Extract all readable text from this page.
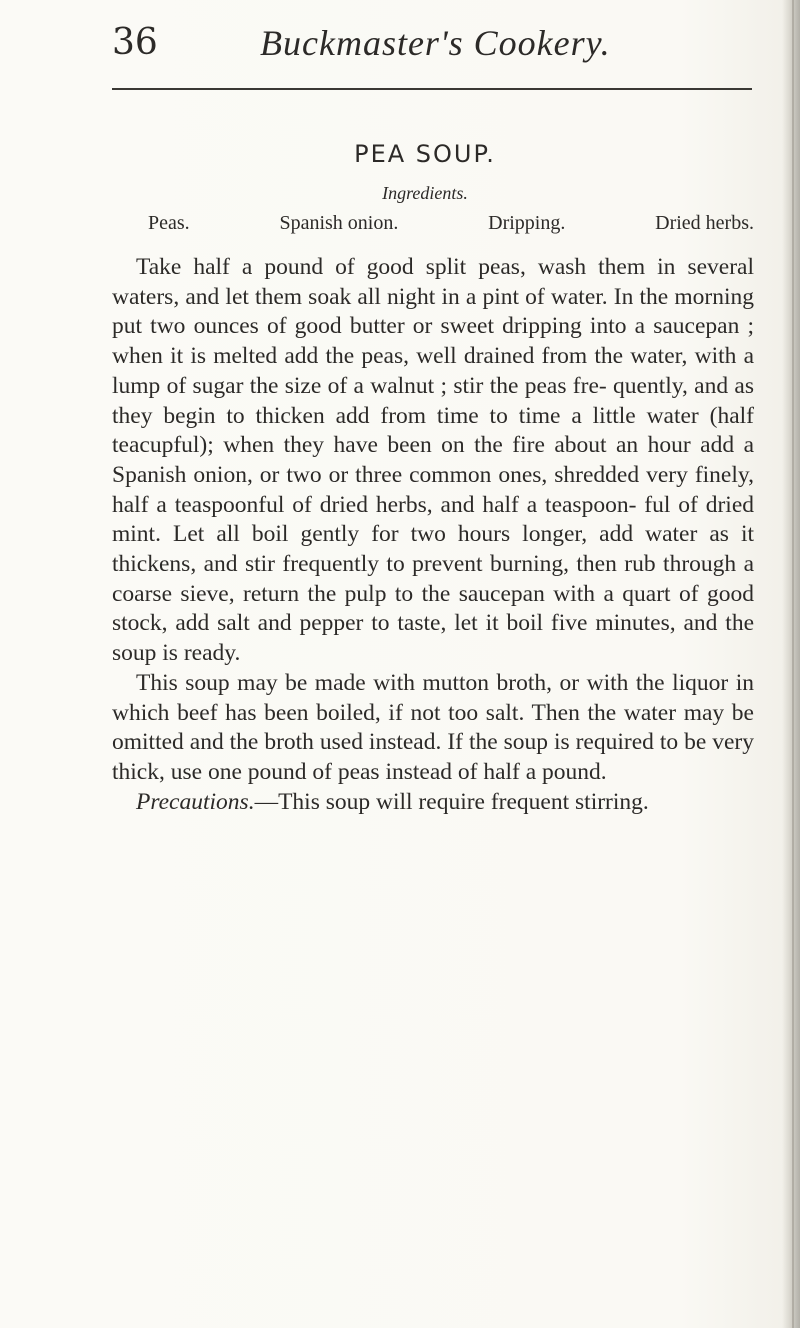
36	Buckmaster's Cookery.
PEA SOUP.
Ingredients.
Peas.	Spanish onion.	Dripping.	Dried herbs.

Take half a pound of good split peas, wash them in several waters, and let them soak all night in a pint of water. In the morning put two ounces of good butter or sweet dripping into a saucepan ; when it is melted add the peas, well drained from the water, with a lump of sugar the size of a walnut ; stir the peas fre- quently, and as they begin to thicken add from time to time a little water (half teacupful); when they have been on the fire about an hour add a Spanish onion, or two or three common ones, shredded very finely, half a teaspoonful of dried herbs, and half a teaspoon- ful of dried mint. Let all boil gently for two hours longer, add water as it thickens, and stir frequently to prevent burning, then rub through a coarse sieve, return the pulp to the saucepan with a quart of good stock, add salt and pepper to taste, let it boil five minutes, and the soup is ready.

This soup may be made with mutton broth, or with the liquor in which beef has been boiled, if not too salt. Then the water may be omitted and the broth used instead. If the soup is required to be very thick, use one pound of peas instead of half a pound.

Precautions.—This soup will require frequent stirring.
